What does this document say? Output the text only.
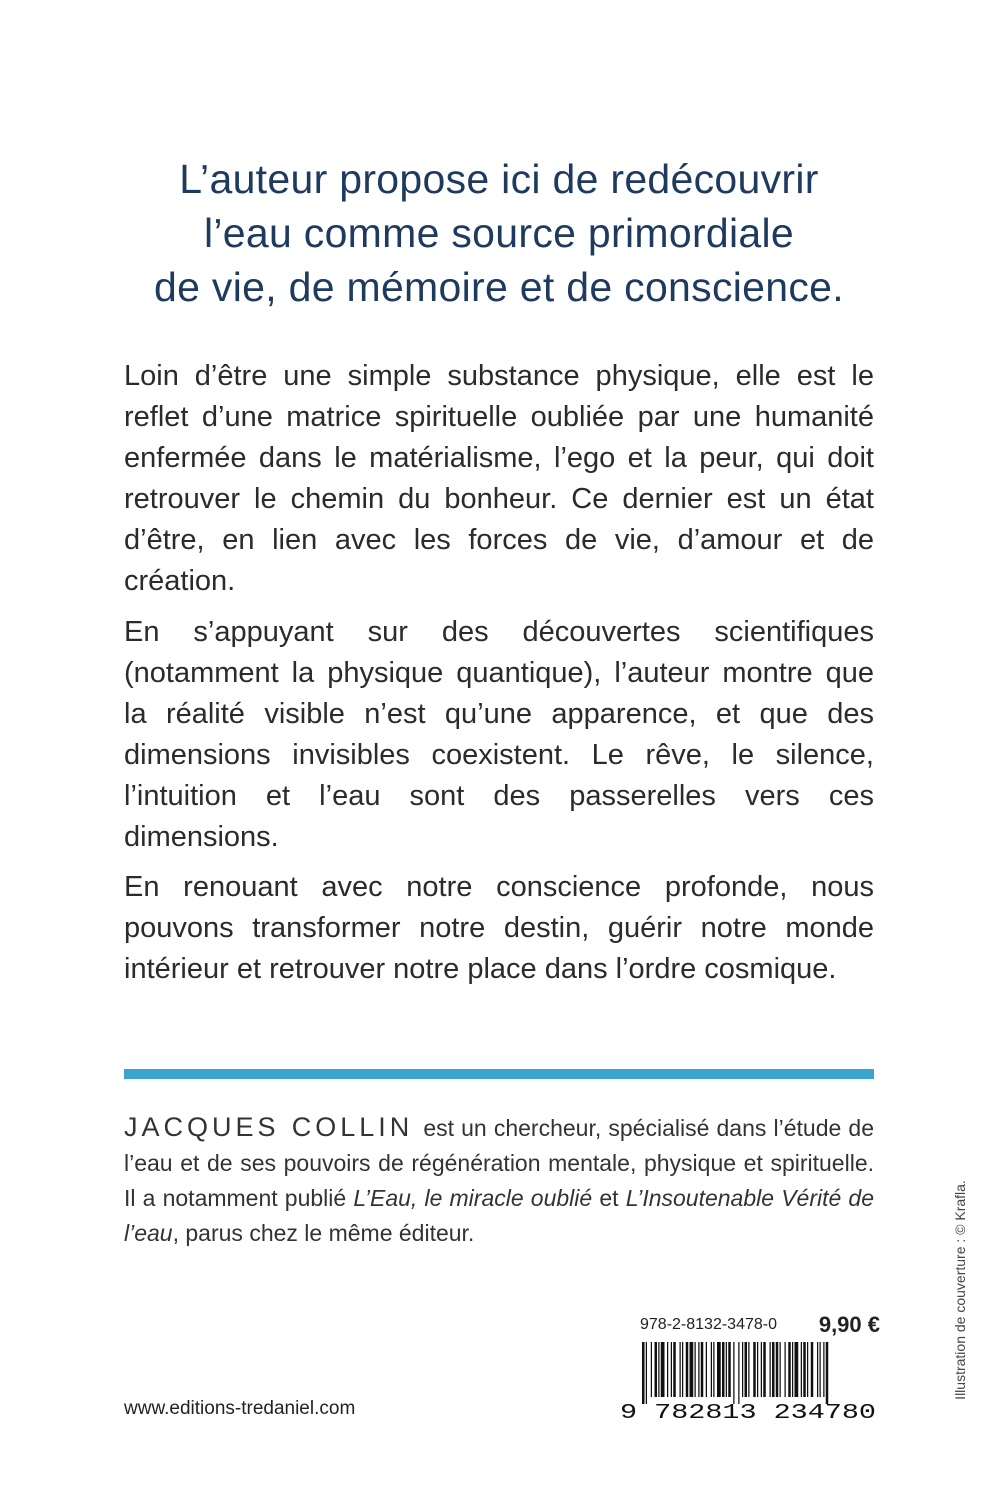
L’auteur propose ici de redécouvrir
l’eau comme source primordiale
de vie, de mémoire et de conscience.

Loin d’être une simple substance physique, elle est le reflet d’une matrice spirituelle oubliée par une humanité enfermée dans le matérialisme, l’ego et la peur, qui doit retrouver le chemin du bonheur. Ce dernier est un état d’être, en lien avec les forces de vie, d’amour et de création.

En s’appuyant sur des découvertes scientifiques (notamment la physique quantique), l’auteur montre que la réalité visible n’est qu’une apparence, et que des dimensions invisibles coexistent. Le rêve, le silence, l’intuition et l’eau sont des passerelles vers ces dimensions.

En renouant avec notre conscience profonde, nous pouvons transformer notre destin, guérir notre monde intérieur et retrouver notre place dans l’ordre cosmique.

JACQUES COLLIN est un chercheur, spécialisé dans l’étude de l’eau et de ses pouvoirs de régénération mentale, physique et spirituelle. Il a notamment publié L’Eau, le miracle oublié et L’Insoutenable Vérité de l’eau, parus chez le même éditeur.

978-2-8132-3478-0 9,90 €
9 782813 234780
www.editions-tredaniel.com
Illustration de couverture : © Krafla.
